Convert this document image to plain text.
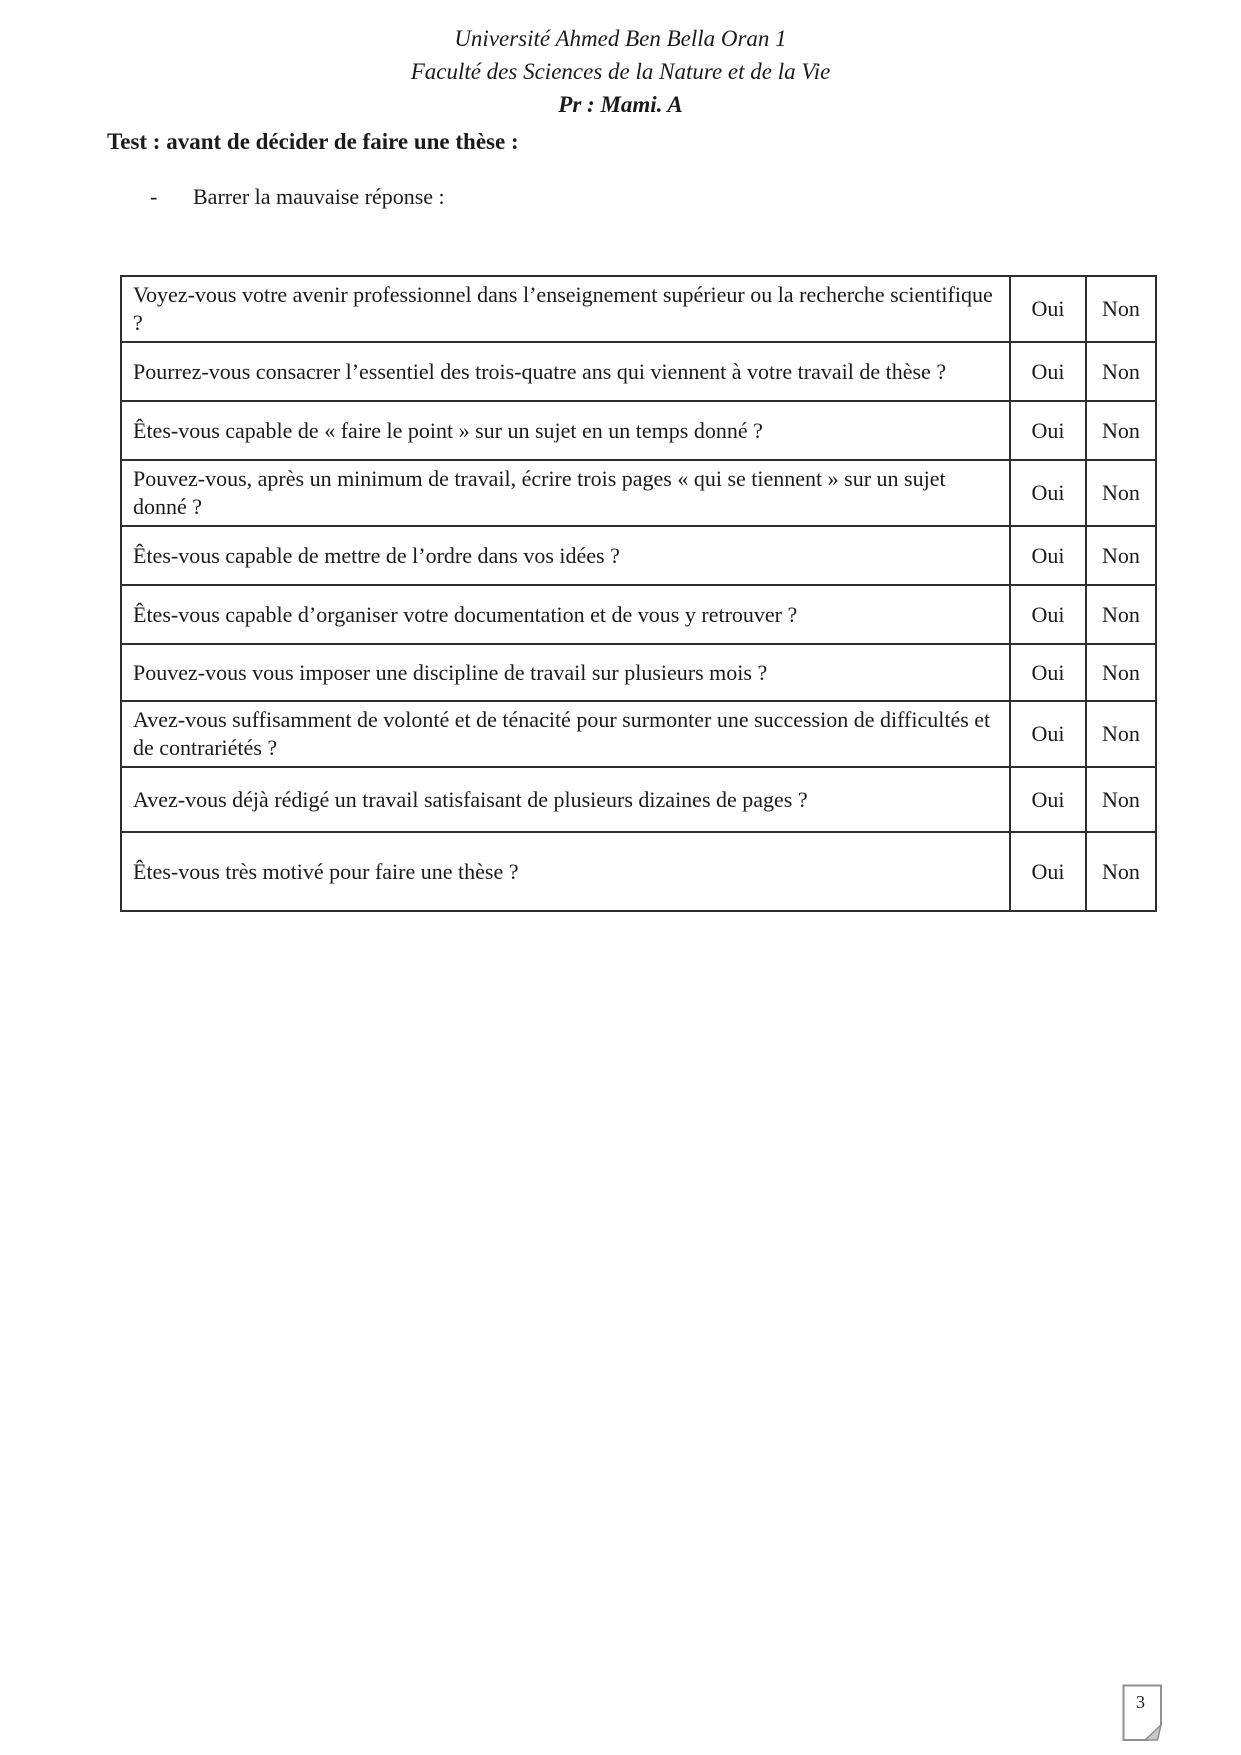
Université Ahmed Ben Bella Oran 1
Faculté des Sciences de la Nature et de la Vie
Pr : Mami. A
Test : avant de décider de faire une thèse :
- Barrer la mauvaise réponse :
Voyez-vous votre avenir professionnel dans l’enseignement supérieur ou la recherche scientifique ?	Oui	Non
Pourrez-vous consacrer l’essentiel des trois-quatre ans qui viennent à votre travail de thèse ?	Oui	Non
Êtes-vous capable de « faire le point » sur un sujet en un temps donné ?	Oui	Non
Pouvez-vous, après un minimum de travail, écrire trois pages « qui se tiennent » sur un sujet donné ?	Oui	Non
Êtes-vous capable de mettre de l’ordre dans vos idées ?	Oui	Non
Êtes-vous capable d’organiser votre documentation et de vous y retrouver ?	Oui	Non
Pouvez-vous vous imposer une discipline de travail sur plusieurs mois ?	Oui	Non
Avez-vous suffisamment de volonté et de ténacité pour surmonter une succession de difficultés et de contrariétés ?	Oui	Non
Avez-vous déjà rédigé un travail satisfaisant de plusieurs dizaines de pages ?	Oui	Non
Êtes-vous très motivé pour faire une thèse ?	Oui	Non
3
